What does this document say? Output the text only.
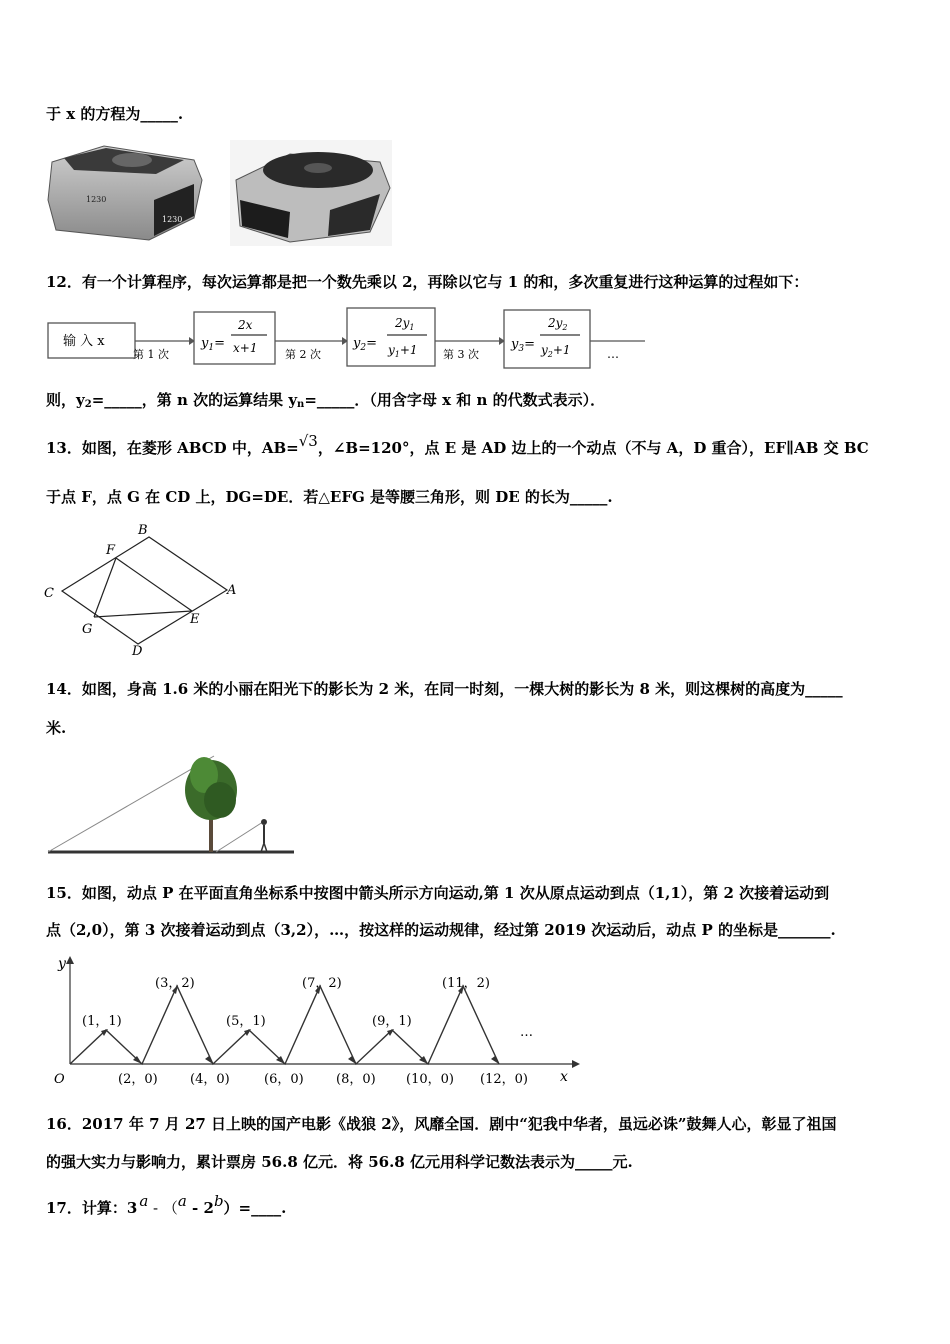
于 x 的方程为_____.
1230
1230
12．有一个计算程序，每次运算都是把一个数先乘以 2，再除以它与 1 的和，多次重复进行这种运算的过程如下：
输 入 x
第 1 次
$y_1=$
2x
x+1	第 2 次
$y_2=$
$2y_1$
$y_1+1$ 第 3 次
$y_3=$
$2y_2$
$y_2+1$	…
则，$y_2=\_\_\_\_\_$，第 n 次的运算结果 $y_n=\_\_\_\_\_$．（用含字母 x 和 n 的代数式表示）．
13．如图，在菱形 ABCD 中，AB=√3，∠B=120°，点 E 是 AD 边上的一个动点（不与 A，D 重合），EF∥AB 交 BC
于点 F，点 G 在 CD 上，DG=DE．若△EFG 是等腰三角形，则 DE 的长为_____.
B
F
C	A
G
E
D
14．如图，身高 1.6 米的小丽在阳光下的影长为 2 米，在同一时刻，一棵大树的影长为 8 米，则这棵树的高度为_____
米.
15．如图，动点 P 在平面直角坐标系中按图中箭头所示方向运动,第 1 次从原点运动到点（1,1），第 2 次接着运动到
点（2,0），第 3 次接着运动到点（3,2），…，按这样的运动规律，经过第 2019 次运动后，动点 P 的坐标是_______.
y
x
O
(1，1)
(2，0)
(3，2)
(4，0)
(5，1)
(6，0)
(7，2)
(8，0)
(9，1)
(10，0)
(11，2)
(12，0)
…
16．2017 年 7 月 27 日上映的国产电影《战狼 2》，风靡全国．剧中“犯我中华者，虽远必诛”鼓舞人心，彰显了祖国
的强大实力与影响力，累计票房 56.8 亿元．将 56.8 亿元用科学记数法表示为_____元.
17．计算：3 a - （a - 2b）=____.
